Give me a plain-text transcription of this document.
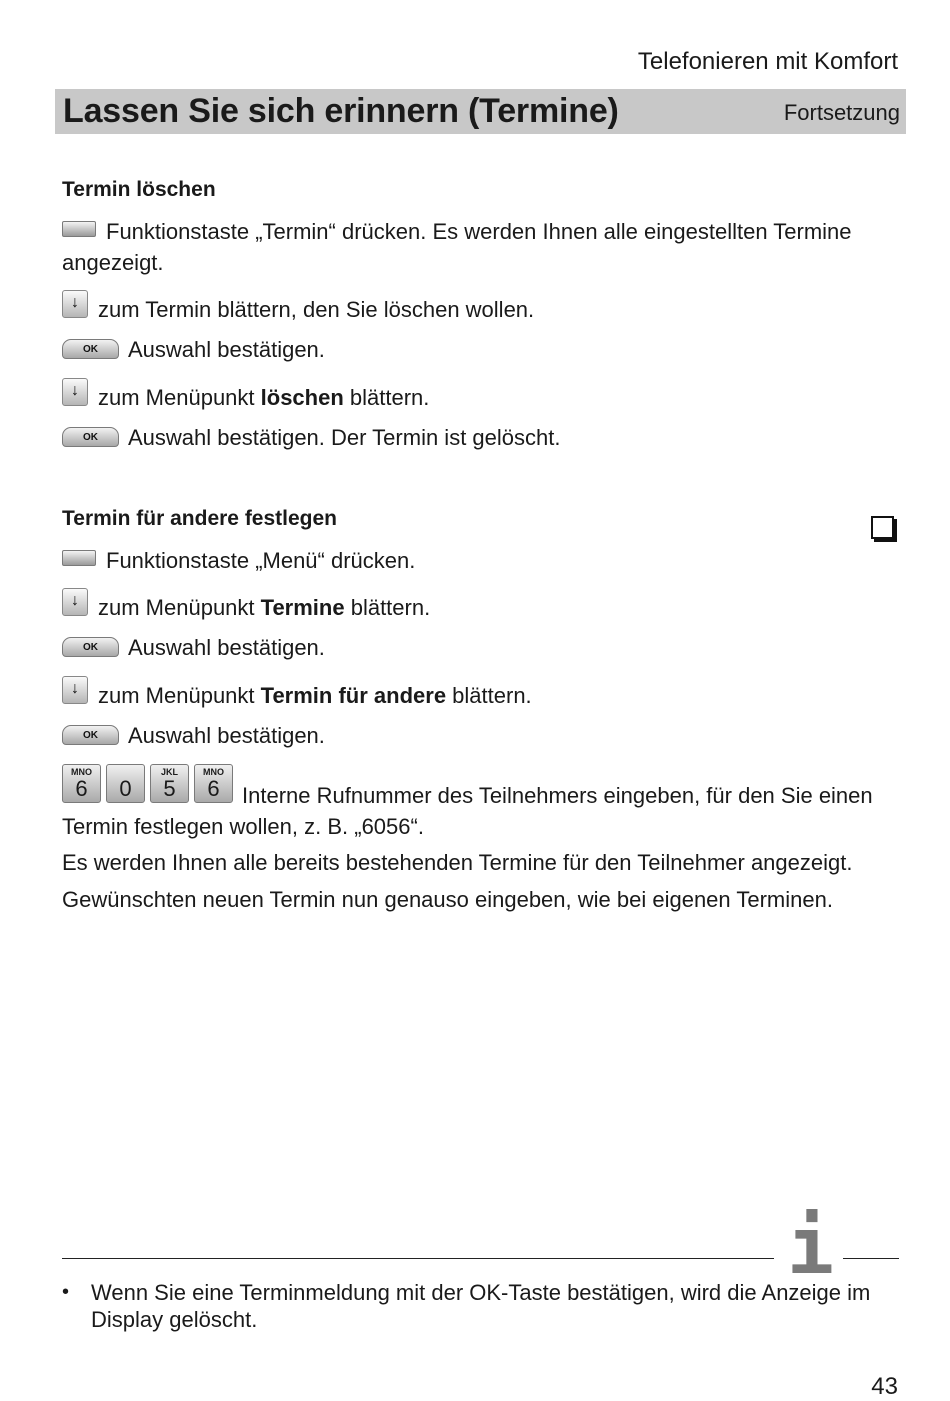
Telefonieren mit Komfort
Lassen Sie sich erinnern (Termine)	Fortsetzung
Termin löschen
Funktionstaste „Termin“ drücken. Es werden Ihnen alle eingestellten Termine angezeigt.
↓ zum Termin blättern, den Sie löschen wollen.
OK	Auswahl bestätigen.
↓ zum Menüpunkt löschen blättern.
OK	Auswahl bestätigen. Der Termin ist gelöscht.
Termin für andere festlegen
Funktionstaste „Menü“ drücken.
↓ zum Menüpunkt Termine blättern.
OK	Auswahl bestätigen.
↓ zum Menüpunkt Termin für andere blättern.
OK	Auswahl bestätigen.
MNO
6	0
JKL
5
MNO
6	Interne Rufnummer des Teilnehmers eingeben, für den Sie einen Termin festlegen wollen, z. B. „6056“.
Es werden Ihnen alle bereits bestehenden Termine für den Teilnehmer angezeigt.
Gewünschten neuen Termin nun genauso eingeben, wie bei eigenen Terminen.
i
• Wenn Sie eine Terminmeldung mit der OK-Taste bestätigen, wird die Anzeige im Display gelöscht.
43
